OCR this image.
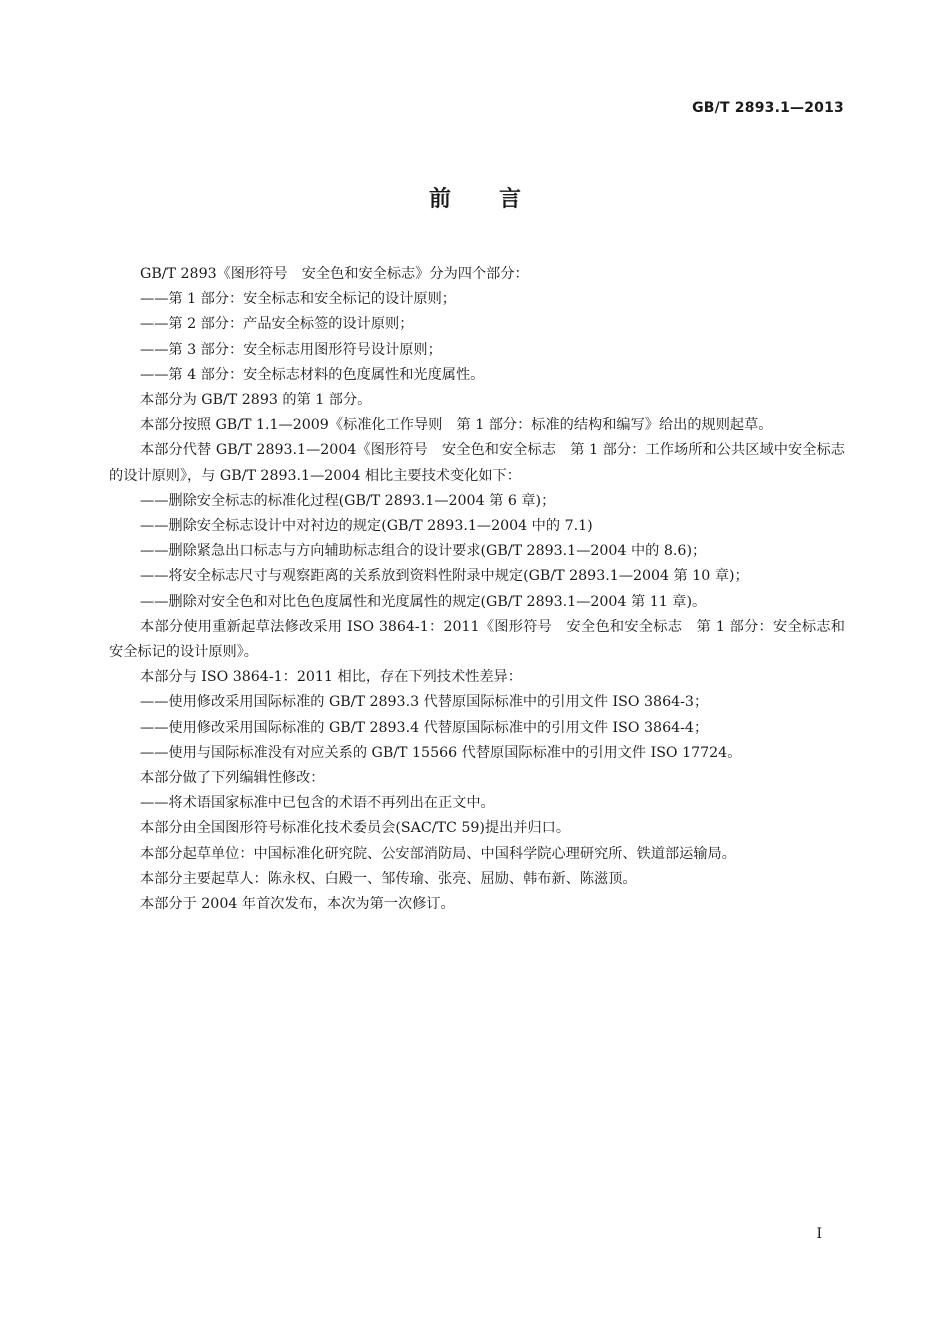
GB/T 2893.1—2013
前言

GB/T 2893《图形符号　安全色和安全标志》分为四个部分：

——第 1 部分：安全标志和安全标记的设计原则；

——第 2 部分：产品安全标签的设计原则；

——第 3 部分：安全标志用图形符号设计原则；

——第 4 部分：安全标志材料的色度属性和光度属性。

本部分为 GB/T 2893 的第 1 部分。

本部分按照 GB/T 1.1—2009《标准化工作导则　第 1 部分：标准的结构和编写》给出的规则起草。

本部分代替 GB/T 2893.1—2004《图形符号　安全色和安全标志　第 1 部分：工作场所和公共区域中安全标志的设计原则》，与 GB/T 2893.1—2004 相比主要技术变化如下：

——删除安全标志的标准化过程(GB/T 2893.1—2004 第 6 章)；

——删除安全标志设计中对衬边的规定(GB/T 2893.1—2004 中的 7.1)

——删除紧急出口标志与方向辅助标志组合的设计要求(GB/T 2893.1—2004 中的 8.6)；

——将安全标志尺寸与观察距离的关系放到资料性附录中规定(GB/T 2893.1—2004 第 10 章)；

——删除对安全色和对比色色度属性和光度属性的规定(GB/T 2893.1—2004 第 11 章)。

本部分使用重新起草法修改采用 ISO 3864-1：2011《图形符号　安全色和安全标志　第 1 部分：安全标志和安全标记的设计原则》。

本部分与 ISO 3864-1：2011 相比，存在下列技术性差异：

——使用修改采用国际标准的 GB/T 2893.3 代替原国际标准中的引用文件 ISO 3864-3；

——使用修改采用国际标准的 GB/T 2893.4 代替原国际标准中的引用文件 ISO 3864-4；

——使用与国际标准没有对应关系的 GB/T 15566 代替原国际标准中的引用文件 ISO 17724。

本部分做了下列编辑性修改：

——将术语国家标准中已包含的术语不再列出在正文中。

本部分由全国图形符号标准化技术委员会(SAC/TC 59)提出并归口。

本部分起草单位：中国标准化研究院、公安部消防局、中国科学院心理研究所、铁道部运输局。

本部分主要起草人：陈永权、白殿一、邹传瑜、张亮、屈励、韩布新、陈滋顶。

本部分于 2004 年首次发布，本次为第一次修订。

I
